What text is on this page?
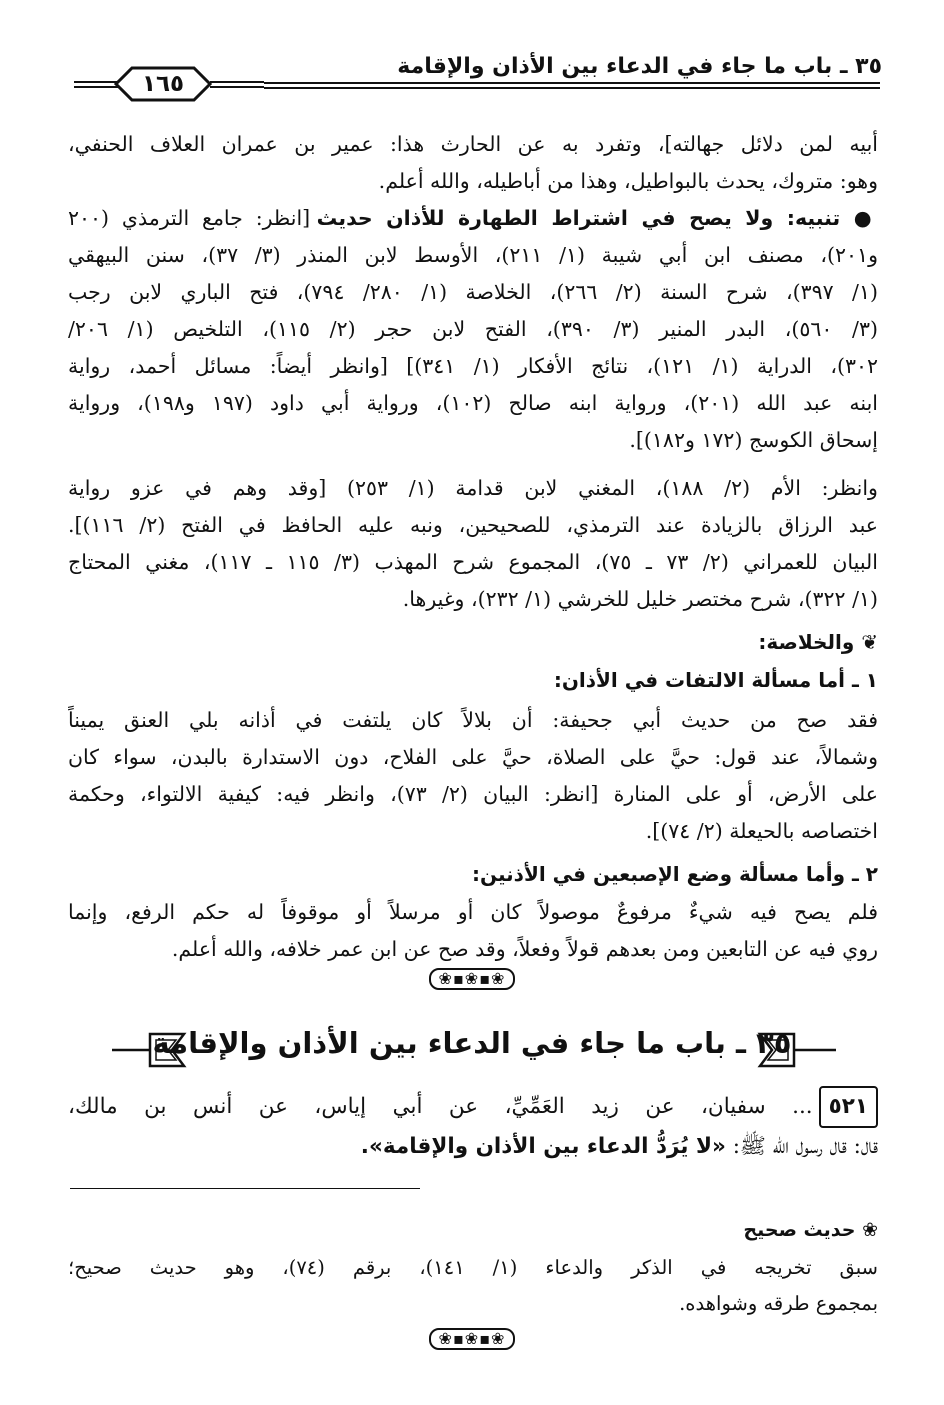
٣٥ ـ باب ما جاء في الدعاء بين الأذان والإقامة
١٦٥
أبيه لمن دلائل جهالته]، وتفرد به عن الحارث هذا: عمير بن عمران العلاف الحنفي،
وهو: متروك، يحدث بالبواطيل، وهذا من أباطيله، والله أعلم.
● تنبيه: ولا يصح في اشتراط الطهارة للأذان حديث [انظر: جامع الترمذي (٢٠٠
و٢٠١)، مصنف ابن أبي شيبة (١/ ٢١١)، الأوسط لابن المنذر (٣/ ٣٧)، سنن البيهقي
(١/ ٣٩٧)، شرح السنة (٢/ ٢٦٦)، الخلاصة (١/ ٢٨٠/ ٧٩٤)، فتح الباري لابن رجب
(٣/ ٥٦٠)، البدر المنير (٣/ ٣٩٠)، الفتح لابن حجر (٢/ ١١٥)، التلخيص (١/ ٢٠٦/
٣٠٢)، الدراية (١/ ١٢١)، نتائج الأفكار (١/ ٣٤١)] [وانظر أيضاً: مسائل أحمد، رواية
ابنه عبد الله (٢٠١)، ورواية ابنه صالح (١٠٢)، ورواية أبي داود (١٩٧ و١٩٨)، ورواية
إسحاق الكوسج (١٧٢ و١٨٢)].
وانظر: الأم (٢/ ١٨٨)، المغني لابن قدامة (١/ ٢٥٣) [وقد وهم في عزو رواية
عبد الرزاق بالزيادة عند الترمذي، للصحيحين، ونبه عليه الحافظ في الفتح (٢/ ١١٦)].
البيان للعمراني (٢/ ٧٣ ـ ٧٥)، المجموع شرح المهذب (٣/ ١١٥ ـ ١١٧)، مغني المحتاج
(١/ ٣٢٢)، شرح مختصر خليل للخرشي (١/ ٢٣٢)، وغيرها.
❦ والخلاصة:
١ ـ أما مسألة الالتفات في الأذان:
فقد صح من حديث أبي جحيفة: أن بلالاً كان يلتفت في أذانه بلي العنق يميناً
وشمالاً، عند قول: حيَّ على الصلاة، حيَّ على الفلاح، دون الاستدارة بالبدن، سواء كان
على الأرض، أو على المنارة [انظر: البيان (٢/ ٧٣)، وانظر فيه: كيفية الالتواء، وحكمة
اختصاصه بالحيعلة (٢/ ٧٤)].
٢ ـ وأما مسألة وضع الإصبعين في الأذنين:
فلم يصح فيه شيءٌ مرفوعٌ موصولاً كان أو مرسلاً أو موقوفاً له حكم الرفع، وإنما
روي فيه عن التابعين ومن بعدهم قولاً وفعلاً، وقد صح عن ابن عمر خلافه، والله أعلم.
❀▪❀▪❀
٣٥ ـ باب ما جاء في الدعاء بين الأذان والإقامة
٥٢١... سفيان، عن زيد العَمِّيِّ، عن أبي إياس، عن أنس بن مالك،
قال: قال رسول الله ﷺ: «لا يُرَدُّ الدعاء بين الأذان والإقامة».
❀ حديث صحيح
سبق تخريجه في الذكر والدعاء (١/ ١٤١)، برقم (٧٤)، وهو حديث صحيح؛
بمجموع طرقه وشواهده.
❀▪❀▪❀
